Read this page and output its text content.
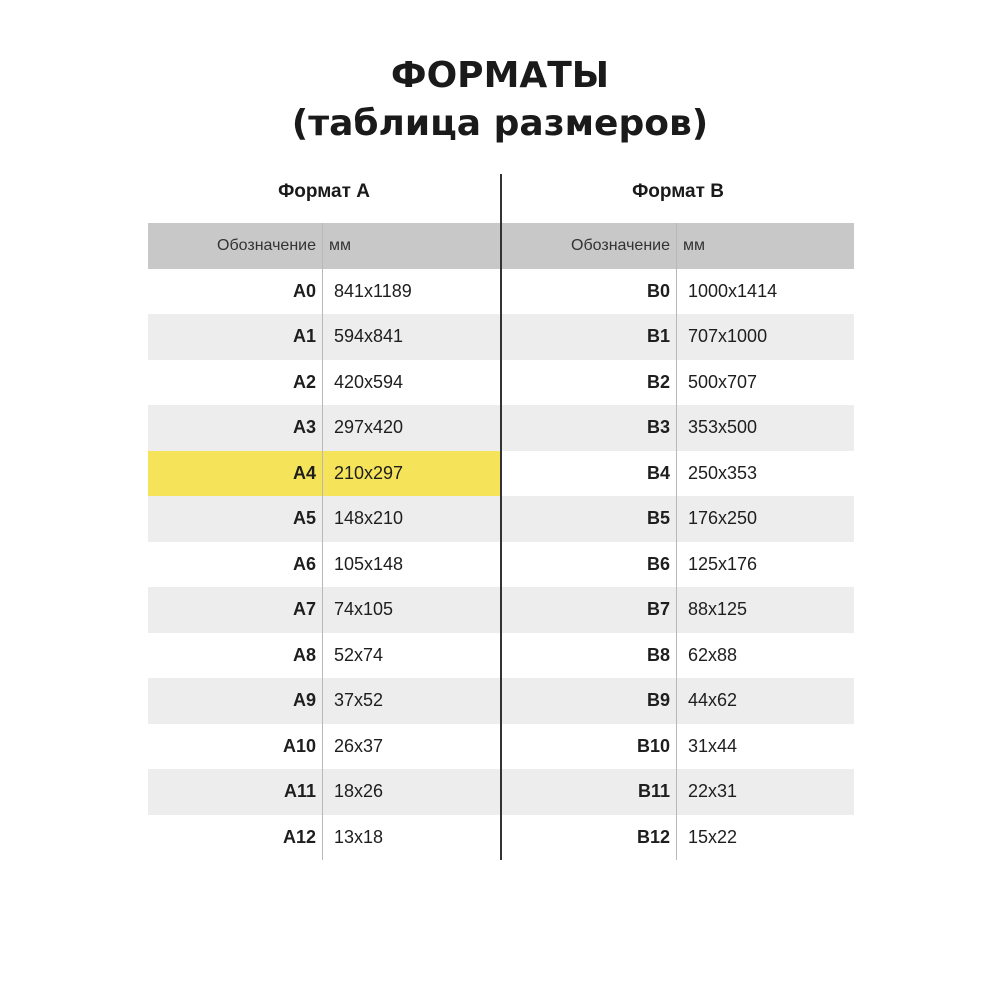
ФОРМАТЫ
(таблица размеров)
Формат А
Обозначение мм
A0	841x1189
A1	594x841
A2	420x594
A3	297x420
A4	210x297
A5	148x210
A6	105x148
A7	74x105
A8	52x74
A9	37x52
A10	26x37
A11	18x26
A12	13x18
Формат В
Обозначение мм
B0	1000x1414
B1	707x1000
B2	500x707
B3	353x500
B4	250x353
B5	176x250
B6	125x176
B7	88x125
B8	62x88
B9	44x62
B10	31x44
B11	22x31
B12	15x22
